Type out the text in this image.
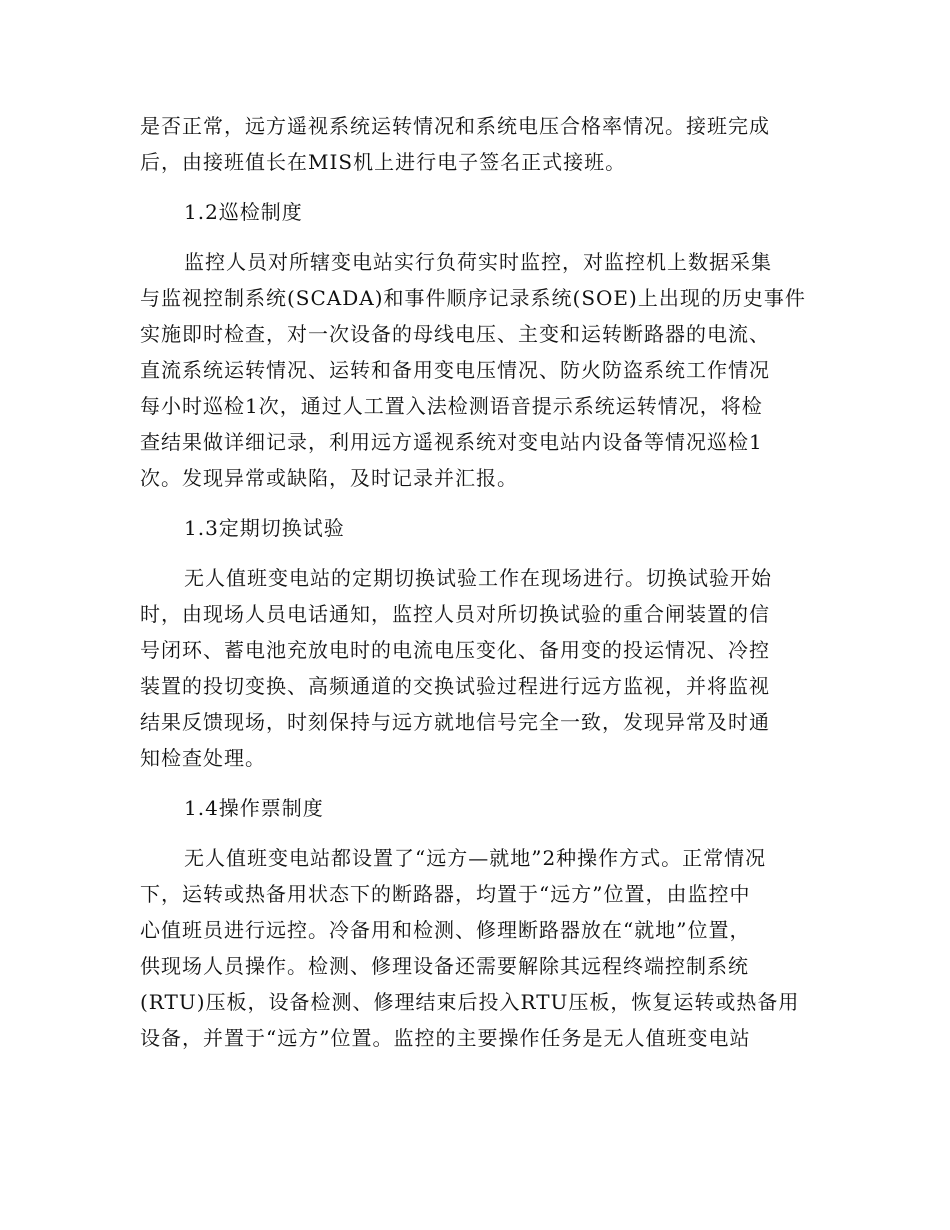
是否正常，远方遥视系统运转情况和系统电压合格率情况。接班完成
后，由接班值长在MIS机上进行电子签名正式接班。
1.2巡检制度
监控人员对所辖变电站实行负荷实时监控，对监控机上数据采集
与监视控制系统(SCADA)和事件顺序记录系统(SOE)上出现的历史事件
实施即时检查，对一次设备的母线电压、主变和运转断路器的电流、
直流系统运转情况、运转和备用变电压情况、防火防盗系统工作情况
每小时巡检1次，通过人工置入法检测语音提示系统运转情况，将检
查结果做详细记录，利用远方遥视系统对变电站内设备等情况巡检1
次。发现异常或缺陷，及时记录并汇报。
1.3定期切换试验
无人值班变电站的定期切换试验工作在现场进行。切换试验开始
时，由现场人员电话通知，监控人员对所切换试验的重合闸装置的信
号闭环、蓄电池充放电时的电流电压变化、备用变的投运情况、冷控
装置的投切变换、高频通道的交换试验过程进行远方监视，并将监视
结果反馈现场，时刻保持与远方就地信号完全一致，发现异常及时通
知检查处理。
1.4操作票制度
无人值班变电站都设置了“远方—就地”2种操作方式。正常情况
下，运转或热备用状态下的断路器，均置于“远方”位置，由监控中
心值班员进行远控。冷备用和检测、修理断路器放在“就地”位置，
供现场人员操作。检测、修理设备还需要解除其远程终端控制系统
(RTU)压板，设备检测、修理结束后投入RTU压板，恢复运转或热备用
设备，并置于“远方”位置。监控的主要操作任务是无人值班变电站
